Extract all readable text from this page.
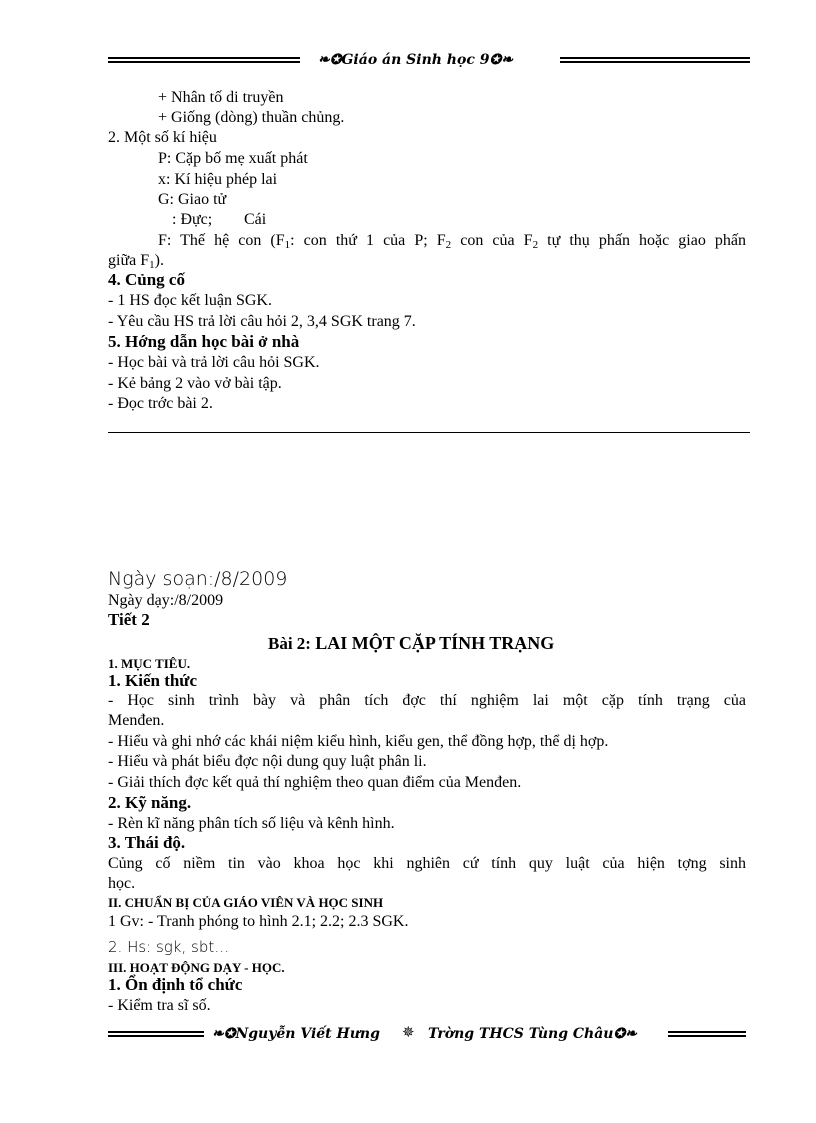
❧✪Giáo án Sinh học 9✪❧
+ Nhân tố di truyền
+ Giống (dòng) thuần chủng.
2. Một số kí hiệu
P: Cặp bố mẹ xuất phát
x: Kí hiệu phép lai
G: Giao tử
: Đực; Cái
F: Thế hệ con ($F_1$: con thứ 1 của P; $F_2$ con của $F_2$ tự thụ phấn hoặc giao phấn
giữa $F_1$).
4. Củng cố
- 1 HS đọc kết luận SGK.
- Yêu cầu HS trả lời câu hỏi 2, 3,4 SGK trang 7.
5. Hớng dẫn học bài ở nhà
- Học bài và trả lời câu hỏi SGK.
- Kẻ bảng 2 vào vở bài tập.
- Đọc trớc bài 2.
Ngày soạn:/8/2009
Ngày dạy:/8/2009
Tiết 2
Bài 2: LAI MỘT CẶP TÍNH TRẠNG
1. MỤC TIÊU.
1. Kiến thức
- Học sinh trình bày và phân tích đợc thí nghiệm lai một cặp tính trạng của
Menđen.
- Hiểu và ghi nhớ các khái niệm kiểu hình, kiểu gen, thể đồng hợp, thể dị hợp.
- Hiểu và phát biểu đợc nội dung quy luật phân li.
- Giải thích đợc kết quả thí nghiệm theo quan điểm của Menđen.
2. Kỹ năng.
- Rèn kĩ năng phân tích số liệu và kênh hình.
3. Thái độ.
Củng cố niềm tin vào khoa học khi nghiên cứ tính quy luật của hiện tợng sinh
học.
II. CHUẨN BỊ CỦA GIÁO VIÊN VÀ HỌC SINH
1 Gv: - Tranh phóng to hình 2.1; 2.2; 2.3 SGK.
2. Hs: sgk, sbt…
III. HOẠT ĐỘNG DẠY - HỌC.
1. Ổn định tổ chức
- Kiểm tra sĩ số.
❧✪Nguyễn Viết Hưng ✵ Trờng THCS Tùng Châu✪❧
